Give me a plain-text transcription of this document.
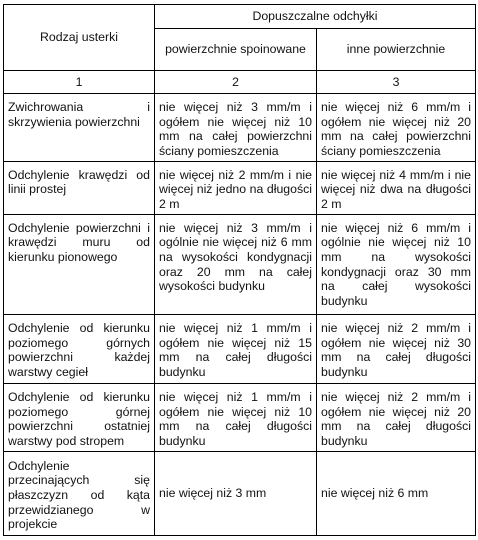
Rodzaj usterki	Dopuszczalne odchyłki	
	powierzchnie spoinowane	inne powierzchnie
1	2	3
Zwichrowania i skrzywienia powierzchni	nie więcej niż 3 mm/m i ogółem nie więcej niż 10 mm na całej powierzchni ściany pomieszczenia	nie więcej niż 6 mm/m i ogółem nie więcej niż 20 mm na całej powierzchni ściany pomieszczenia
Odchylenie krawędzi od linii prostej	nie więcej niż 2 mm/m i nie więcej niż jedno na długości 2 m	nie więcej niż 4 mm/m i nie więcej niż dwa na długości 2 m
Odchylenie powierzchni i krawędzi muru od kierunku pionowego	nie więcej niż 3 mm/m i ogólnie nie więcej niż 6 mm na wysokości kondygnacji oraz 20 mm na całej wysokości budynku	nie więcej niż 6 mm/m i ogólnie nie więcej niż 10 mm na wysokości kondygnacji oraz 30 mm na całej wysokości budynku
Odchylenie od kierunku poziomego górnych powierzchni każdej warstwy cegieł	nie więcej niż 1 mm/m i ogółem nie więcej niż 15 mm na całej długości budynku	nie więcej niż 2 mm/m i ogółem nie więcej niż 30 mm na całej długości budynku
Odchylenie od kierunku poziomego górnej powierzchni ostatniej warstwy pod stropem	nie więcej niż 1 mm/m i ogółem nie więcej niż 10 mm na całej długości budynku	nie więcej niż 2 mm/m i ogółem nie więcej niż 20 mm na całej długości budynku
Odchylenie przecinających się płaszczyzn od kąta przewidzianego w projekcie	nie więcej niż 3 mm	nie więcej niż 6 mm
